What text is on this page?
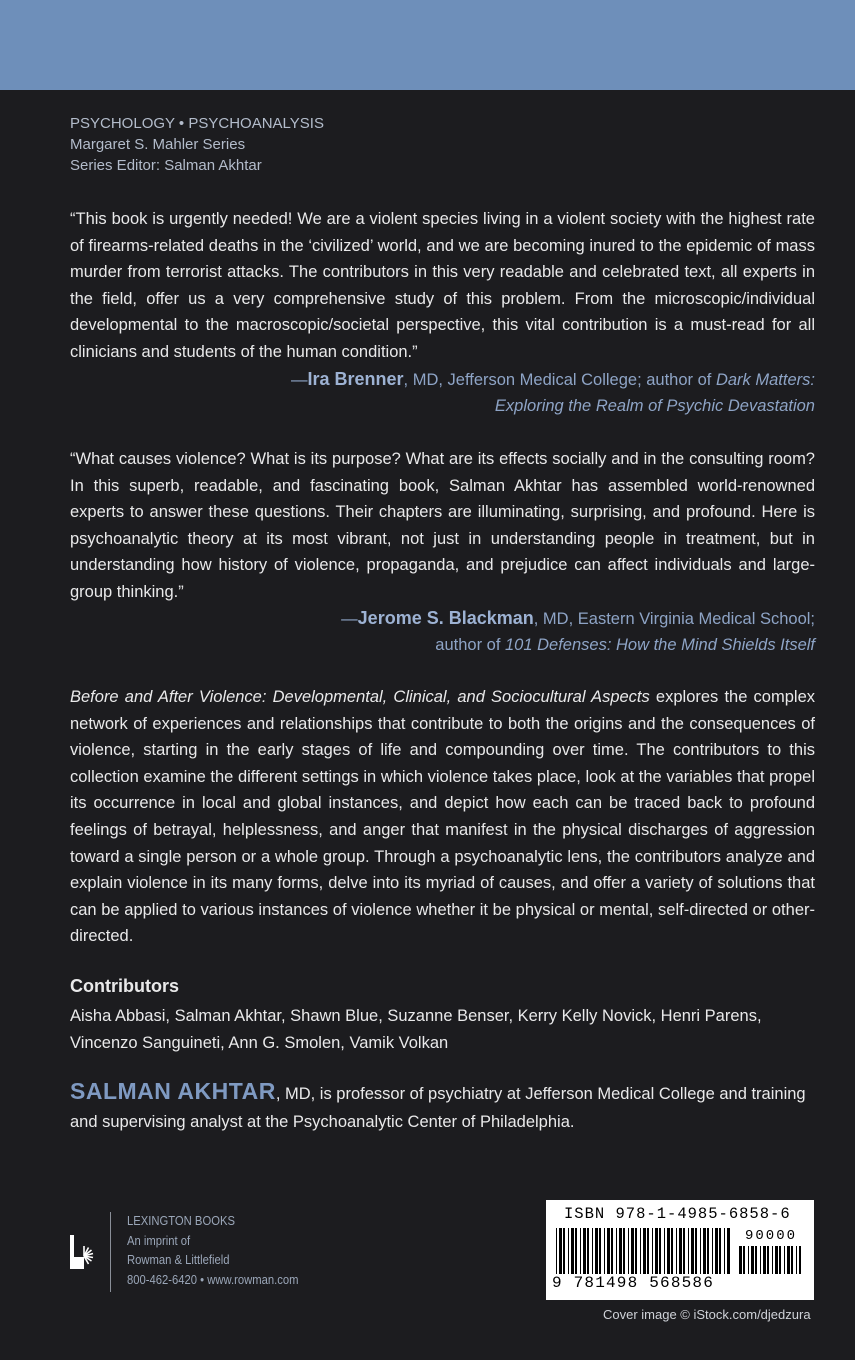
PSYCHOLOGY • PSYCHOANALYSIS
Margaret S. Mahler Series
Series Editor: Salman Akhtar
“This book is urgently needed! We are a violent species living in a violent society with the highest rate of firearms-related deaths in the ‘civilized’ world, and we are becoming inured to the epidemic of mass murder from terrorist attacks. The contributors in this very readable and celebrated text, all experts in the field, offer us a very comprehensive study of this problem. From the microscopic/individual developmental to the macroscopic/societal perspective, this vital contribution is a must-read for all clinicians and students of the human condition.”
—Ira Brenner, MD, Jefferson Medical College; author of Dark Matters:
Exploring the Realm of Psychic Devastation
“What causes violence? What is its purpose? What are its effects socially and in the consulting room? In this superb, readable, and fascinating book, Salman Akhtar has assembled world-renowned experts to answer these questions. Their chapters are illuminating, surprising, and profound. Here is psychoanalytic theory at its most vibrant, not just in understanding people in treatment, but in understanding how history of violence, propaganda, and prejudice can affect individuals and large-group thinking.”
—Jerome S. Blackman, MD, Eastern Virginia Medical School;
author of 101 Defenses: How the Mind Shields Itself
Before and After Violence: Developmental, Clinical, and Sociocultural Aspects explores the complex network of experiences and relationships that contribute to both the origins and the consequences of violence, starting in the early stages of life and compounding over time. The contributors to this collection examine the different settings in which violence takes place, look at the variables that propel its occurrence in local and global instances, and depict how each can be traced back to profound feelings of betrayal, helplessness, and anger that manifest in the physical discharges of aggression toward a single person or a whole group. Through a psychoanalytic lens, the contributors analyze and explain violence in its many forms, delve into its myriad of causes, and offer a variety of solutions that can be applied to various instances of violence whether it be physical or mental, self-directed or other-directed.
Contributors
Aisha Abbasi, Salman Akhtar, Shawn Blue, Suzanne Benser, Kerry Kelly Novick, Henri Parens, Vincenzo Sanguineti, Ann G. Smolen, Vamik Volkan
SALMAN AKHTAR, MD, is professor of psychiatry at Jefferson Medical College and training and supervising analyst at the Psychoanalytic Center of Philadelphia.
LEXINGTON BOOKS
An imprint of
Rowman & Littlefield
800-462-6420 • www.rowman.com
ISBN 978-1-4985-6858-6
90000
9 781498 568586
Cover image © iStock.com/djedzura
